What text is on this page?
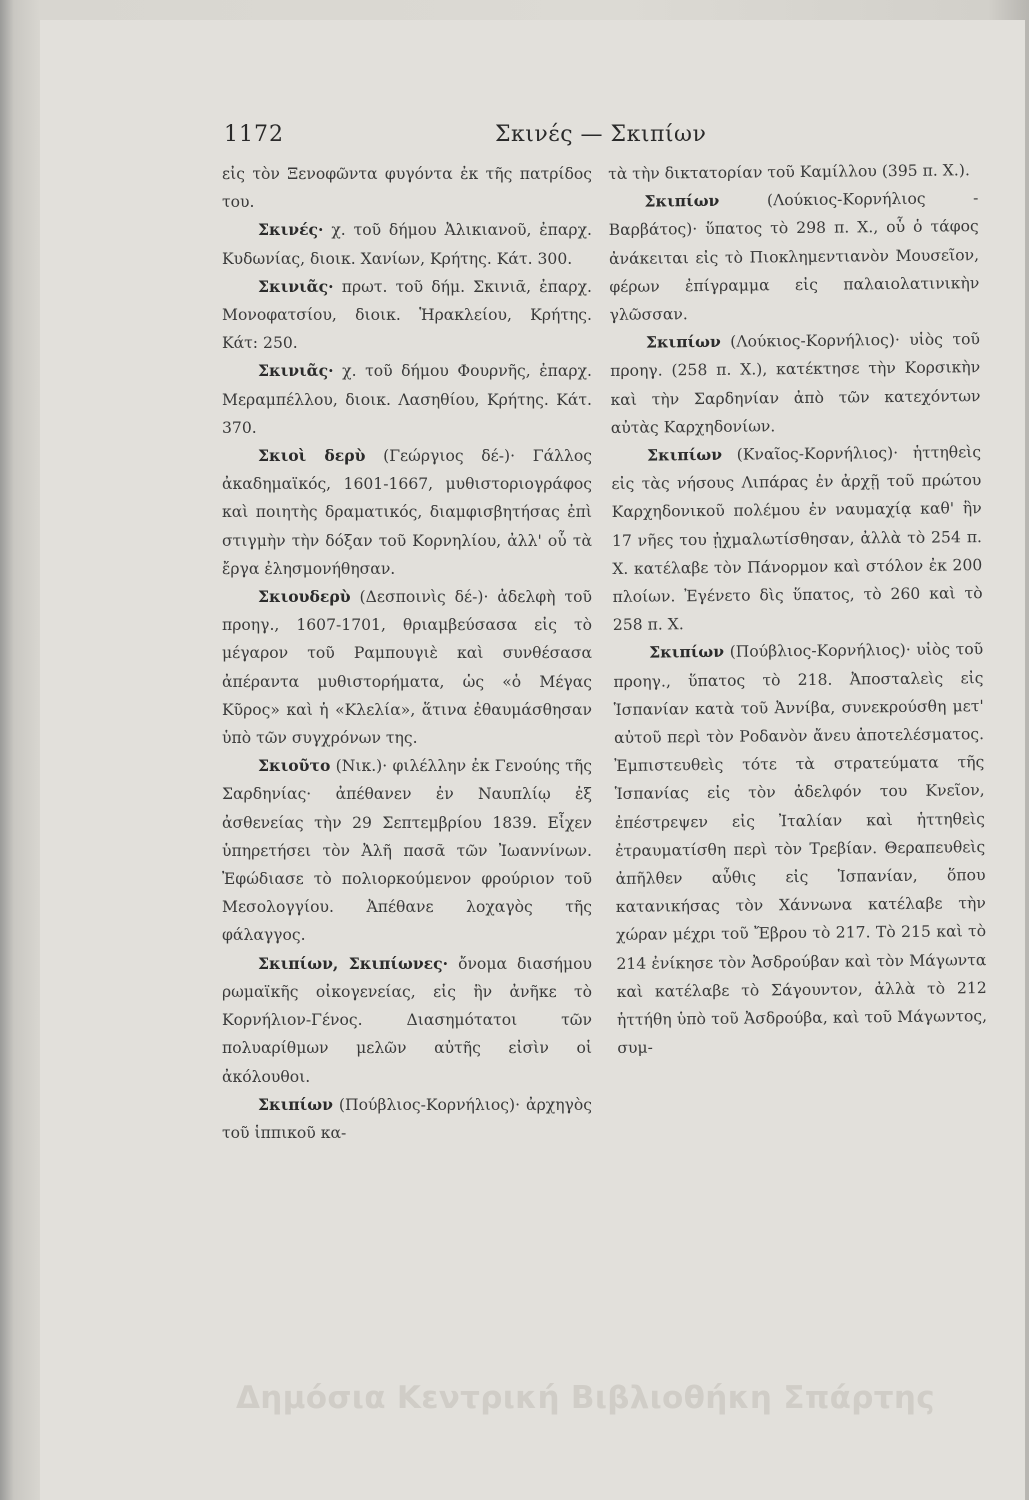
1172	Σκινές — Σκιπίων

εἰς τὸν Ξενοφῶντα φυγόντα ἐκ τῆς πατρίδος του.

Σκινές· χ. τοῦ δήμου Ἀλικιανοῦ, ἐπαρχ. Κυδωνίας, διοικ. Χανίων, Κρήτης. Κάτ. 300.

Σκινιᾶς· πρωτ. τοῦ δήμ. Σκινιᾶ, ἐπαρχ. Μονοφατσίου, διοικ. Ἡρακλείου, Κρήτης. Κάτ: 250.

Σκινιᾶς· χ. τοῦ δήμου Φουρνῆς, ἐπαρχ. Μεραμπέλλου, διοικ. Λασηθίου, Κρήτης. Κάτ. 370.

Σκιοὶ δερὺ (Γεώργιος δέ-)· Γάλλος ἀκαδημαϊκός, 1601-1667, μυθιστοριογράφος καὶ ποιητὴς δραματικός, διαμφισβητήσας ἐπὶ στιγμὴν τὴν δόξαν τοῦ Κορνηλίου, ἀλλ' οὗ τὰ ἔργα ἐλησμονήθησαν.

Σκιουδερὺ (Δεσποινὶς δέ-)· ἀδελφὴ τοῦ προηγ., 1607-1701, θριαμβεύσασα εἰς τὸ μέγαρον τοῦ Ραμπουγιὲ καὶ συνθέσασα ἀπέραντα μυθιστορήματα, ὡς «ὁ Μέγας Κῦρος» καὶ ἡ «Κλελία», ἅτινα ἐθαυμάσθησαν ὑπὸ τῶν συγχρόνων της.

Σκιοῦτο (Νικ.)· φιλέλλην ἐκ Γενούης τῆς Σαρδηνίας· ἀπέθανεν ἐν Ναυπλίῳ ἐξ ἀσθενείας τὴν 29 Σεπτεμβρίου 1839. Εἶχεν ὑπηρετήσει τὸν Ἀλῆ πασᾶ τῶν Ἰωαννίνων. Ἐφώδιασε τὸ πολιορκούμενον φρούριον τοῦ Μεσολογγίου. Ἀπέθανε λοχαγὸς τῆς φάλαγγος.

Σκιπίων, Σκιπίωνες· ὄνομα διασήμου ρωμαϊκῆς οἰκογενείας, εἰς ἣν ἀνῆκε τὸ Κορνήλιον-Γένος. Διασημότατοι τῶν πολυαρίθμων μελῶν αὐτῆς εἰσὶν οἱ ἀκόλουθοι.

Σκιπίων (Πούβλιος-Κορνήλιος)· ἀρχηγὸς τοῦ ἱππικοῦ κα-

τὰ τὴν δικτατορίαν τοῦ Καμίλλου (395 π. Χ.).

Σκιπίων	(Λούκιος-Κορνήλιος - Βαρβάτος)· ὕπατος τὸ 298 π. Χ., οὗ ὁ τάφος ἀνάκειται εἰς τὸ Πιοκλημεντιανὸν Μουσεῖον, φέρων ἐπίγραμμα εἰς παλαιολατινικὴν γλῶσσαν.

Σκιπίων (Λούκιος-Κορνήλιος)· υἱὸς τοῦ προηγ. (258 π. Χ.), κατέκτησε τὴν Κορσικὴν καὶ τὴν Σαρδηνίαν ἀπὸ τῶν κατεχόντων αὐτὰς Καρχηδονίων.

Σκιπίων (Κναῖος-Κορνήλιος)· ἡττηθεὶς εἰς τὰς νήσους Λιπάρας ἐν ἀρχῇ τοῦ πρώτου Καρχηδονικοῦ πολέμου ἐν ναυμαχίᾳ καθ' ἣν 17 νῆες του ᾐχμαλωτίσθησαν, ἀλλὰ τὸ 254 π. Χ. κατέλαβε τὸν Πάνορμον καὶ στόλον ἐκ 200 πλοίων. Ἐγένετο δὶς ὕπατος, τὸ 260 καὶ τὸ 258 π. Χ.

Σκιπίων (Πούβλιος-Κορνήλιος)· υἱὸς τοῦ προηγ., ὕπατος τὸ 218. Ἀποσταλεὶς εἰς Ἱσπανίαν κατὰ τοῦ Ἀννίβα, συνεκρούσθη μετ' αὐτοῦ περὶ τὸν Ροδανὸν ἄνευ ἀποτελέσματος. Ἐμπιστευθεὶς τότε τὰ στρατεύματα τῆς Ἱσπανίας εἰς τὸν ἀδελφόν του Κνεῖον, ἐπέστρεψεν εἰς Ἰταλίαν καὶ ἡττηθεὶς ἐτραυματίσθη περὶ τὸν Τρεβίαν. Θεραπευθεὶς ἀπῆλθεν αὖθις εἰς Ἱσπανίαν, ὅπου κατανικήσας τὸν Χάννωνα κατέλαβε τὴν χώραν μέχρι τοῦ Ἔβρου τὸ 217. Τὸ 215 καὶ τὸ 214 ἐνίκησε τὸν Ἀσδρούβαν καὶ τὸν Μάγωντα καὶ κατέλαβε τὸ Σάγουντον, ἀλλὰ τὸ 212 ἡττήθη ὑπὸ τοῦ Ἀσδρούβα, καὶ τοῦ Μάγωντος, συμ-

Δημόσια Κεντρική Βιβλιοθήκη Σπάρτης
